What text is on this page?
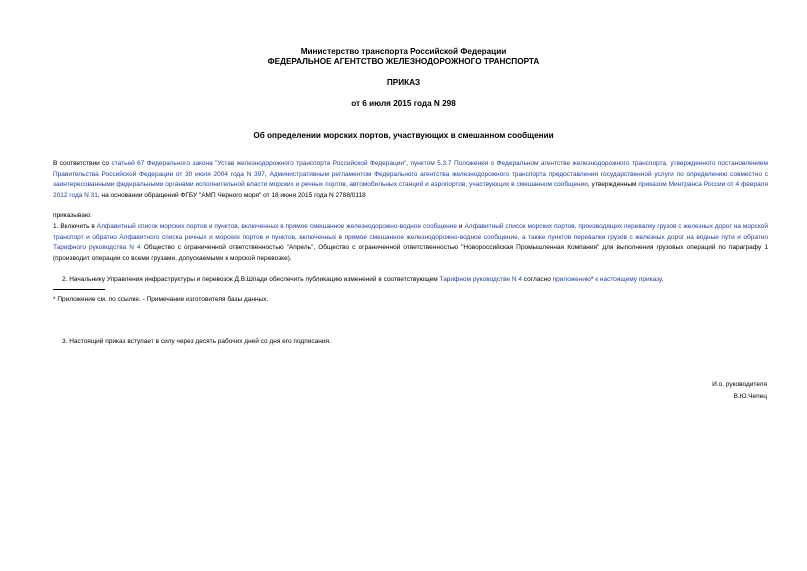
Министерство транспорта Российской Федерации
ФЕДЕРАЛЬНОЕ АГЕНТСТВО ЖЕЛЕЗНОДОРОЖНОГО ТРАНСПОРТА
ПРИКАЗ
от 6 июля 2015 года N 298
Об определении морских портов, участвующих в смешанном сообщении
В соответствии со статьей 67 Федерального закона "Устав железнодорожного транспорта Российской Федерации", пунктом 5.3.7 Положения о Федеральном агентстве железнодорожного транспорта, утвержденного постановлением Правительства Российской Федерации от 30 июля 2004 года N 397, Административным регламентом Федерального агентства железнодорожного транспорта предоставления государственной услуги по определению совместно с заинтересованными федеральными органами исполнительной власти морских и речных портов, автомобильных станций и аэропортов, участвующих в смешанном сообщении, утвержденным приказом Минтранса России от 4 февраля 2012 года N 31, на основании обращений ФГБУ "АМП Черного моря" от 18 июня 2015 года N 2788/0118
приказываю:
1. Включить в Алфавитный список морских портов и пунктов, включенных в прямое смешанное железнодорожно-водное сообщение и Алфавитный список морских портов, производящих перевалку грузов с железных дорог на морской транспорт и обратно Алфавитного списка речных и морских портов и пунктов, включенных в прямое смешанное железнодорожно-водное сообщение, а также пунктов перевалки грузов с железных дорог на водные пути и обратно Тарифного руководства N 4 Общество с ограниченной ответственностью "Апрель", Общество с ограниченной ответственностью "Новороссийская Промышленная Компания" для выполнения грузовых операций по параграфу 1 (производит операции со всеми грузами, допускаемыми к морской перевозке).
2. Начальнику Управления инфраструктуры и перевозок Д.В.Шпади обеспечить публикацию изменений в соответствующем Тарифном руководстве N 4 согласно приложению* к настоящему приказу.
* Приложение см. по ссылке. - Примечание изготовителя базы данных.
3. Настоящий приказ вступает в силу через десять рабочих дней со дня его подписания.
И.о. руководителя
В.Ю.Чепец
